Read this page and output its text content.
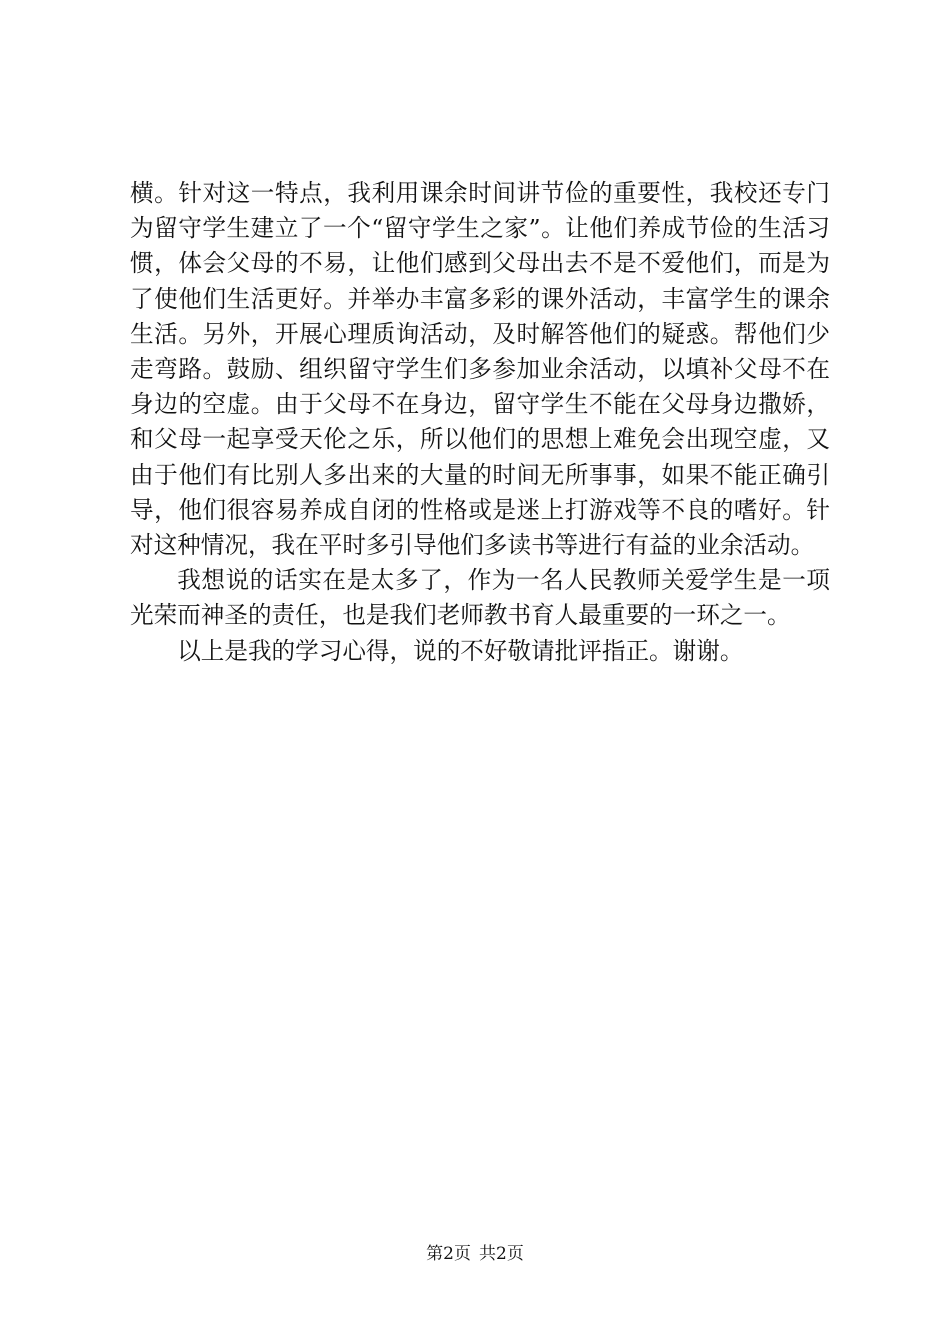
横。针对这一特点，我利用课余时间讲节俭的重要性，我校还专门为留守学生建立了一个“留守学生之家”。让他们养成节俭的生活习惯，体会父母的不易，让他们感到父母出去不是不爱他们，而是为了使他们生活更好。并举办丰富多彩的课外活动，丰富学生的课余生活。另外，开展心理质询活动，及时解答他们的疑惑。帮他们少走弯路。鼓励、组织留守学生们多参加业余活动，以填补父母不在身边的空虚。由于父母不在身边，留守学生不能在父母身边撒娇，和父母一起享受天伦之乐，所以他们的思想上难免会出现空虚，又由于他们有比别人多出来的大量的时间无所事事，如果不能正确引导，他们很容易养成自闭的性格或是迷上打游戏等不良的嗜好。针对这种情况，我在平时多引导他们多读书等进行有益的业余活动。

我想说的话实在是太多了，作为一名人民教师关爱学生是一项光荣而神圣的责任，也是我们老师教书育人最重要的一环之一。

以上是我的学习心得，说的不好敬请批评指正。谢谢。

第2页 共2页
